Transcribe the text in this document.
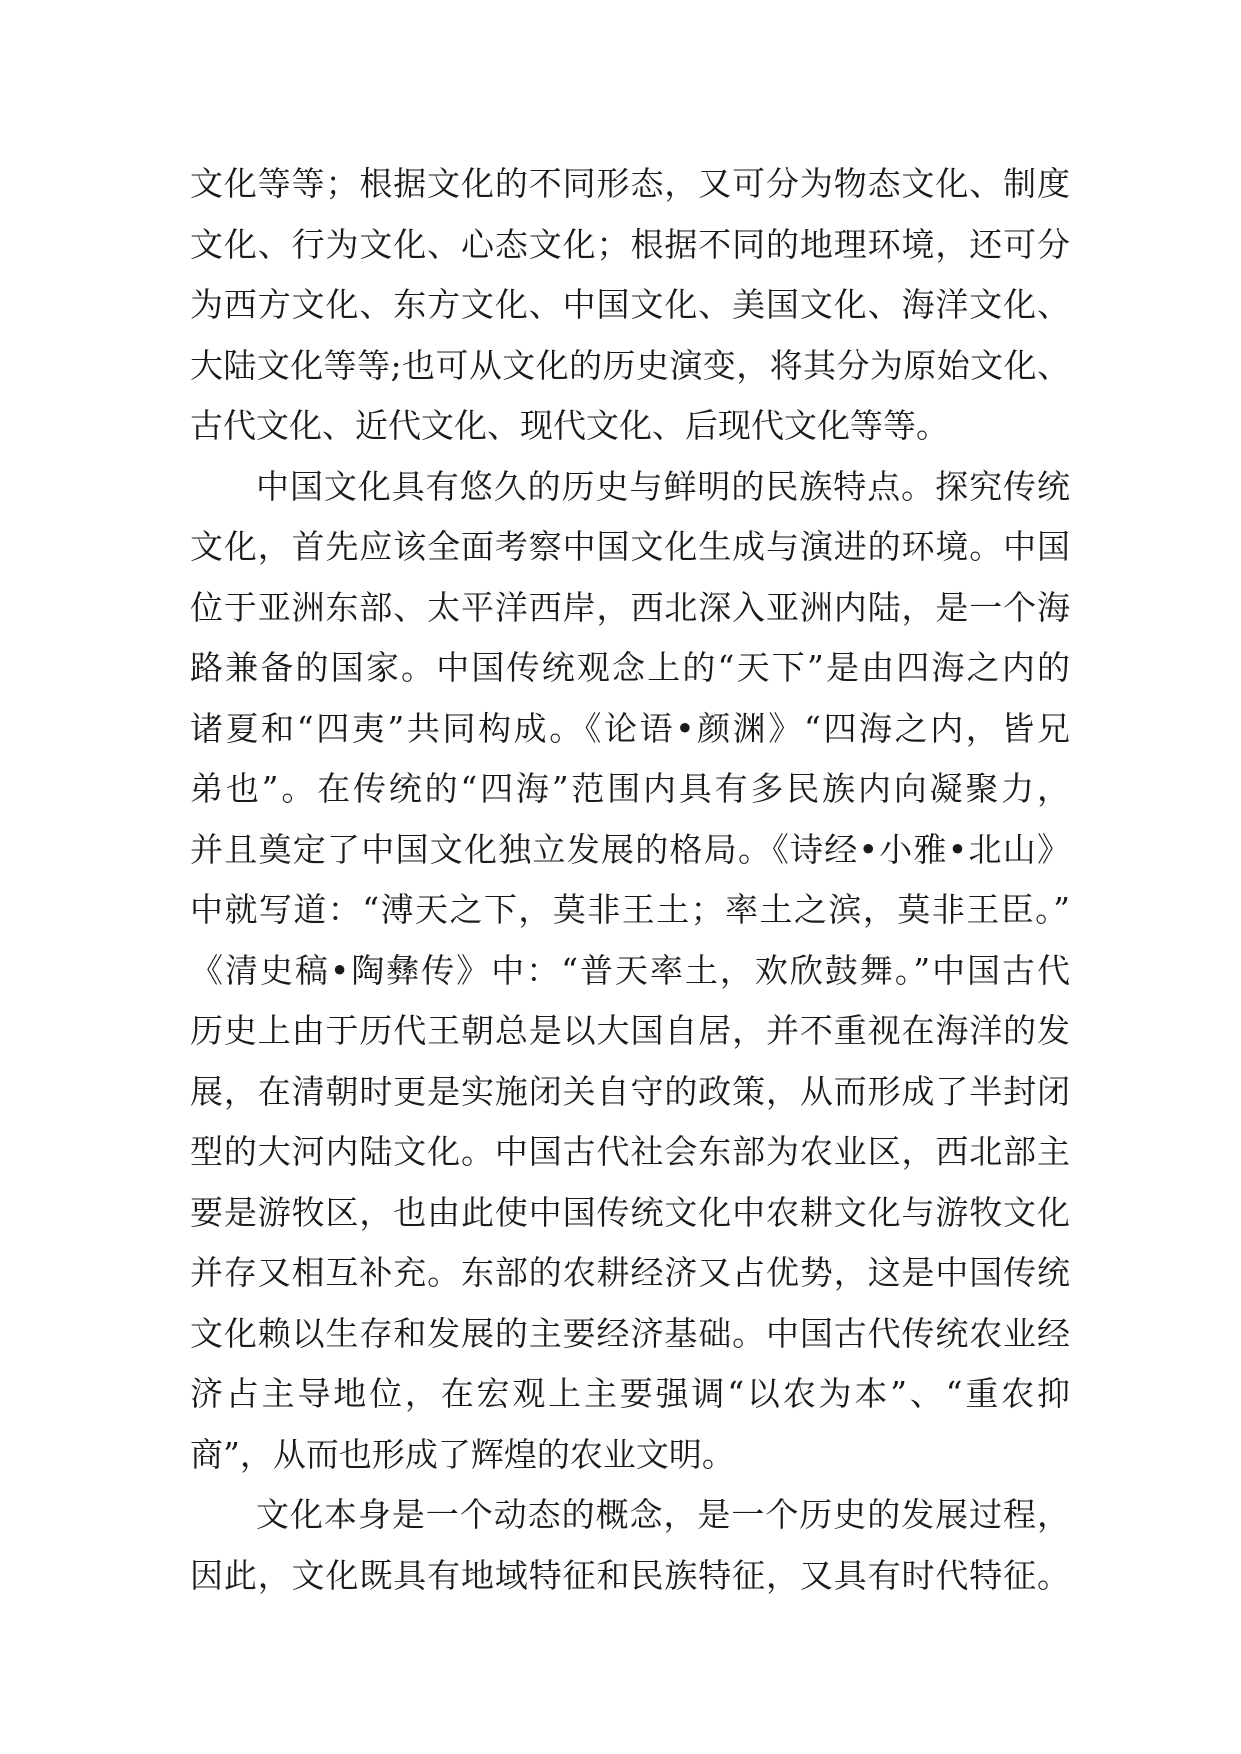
文化等等；根据文化的不同形态，又可分为物态文化、制度
文化、行为文化、心态文化；根据不同的地理环境，还可分
为西方文化、东方文化、中国文化、美国文化、海洋文化、
大陆文化等等;也可从文化的历史演变，将其分为原始文化、
古代文化、近代文化、现代文化、后现代文化等等。
中国文化具有悠久的历史与鲜明的民族特点。探究传统
文化，首先应该全面考察中国文化生成与演进的环境。中国
位于亚洲东部、太平洋西岸，西北深入亚洲内陆，是一个海
路兼备的国家。中国传统观念上的“天下”是由四海之内的
诸夏和“四夷”共同构成。《论语•颜渊》“四海之内，皆兄
弟也”。在传统的“四海”范围内具有多民族内向凝聚力，
并且奠定了中国文化独立发展的格局。《诗经•小雅•北山》
中就写道：“溥天之下，莫非王土；率土之滨，莫非王臣。”
《清史稿•陶彝传》中：“普天率土，欢欣鼓舞。”中国古代
历史上由于历代王朝总是以大国自居，并不重视在海洋的发
展，在清朝时更是实施闭关自守的政策，从而形成了半封闭
型的大河内陆文化。中国古代社会东部为农业区，西北部主
要是游牧区，也由此使中国传统文化中农耕文化与游牧文化
并存又相互补充。东部的农耕经济又占优势，这是中国传统
文化赖以生存和发展的主要经济基础。中国古代传统农业经
济占主导地位，在宏观上主要强调“以农为本”、“重农抑
商”，从而也形成了辉煌的农业文明。
文化本身是一个动态的概念，是一个历史的发展过程，
因此，文化既具有地域特征和民族特征，又具有时代特征。
